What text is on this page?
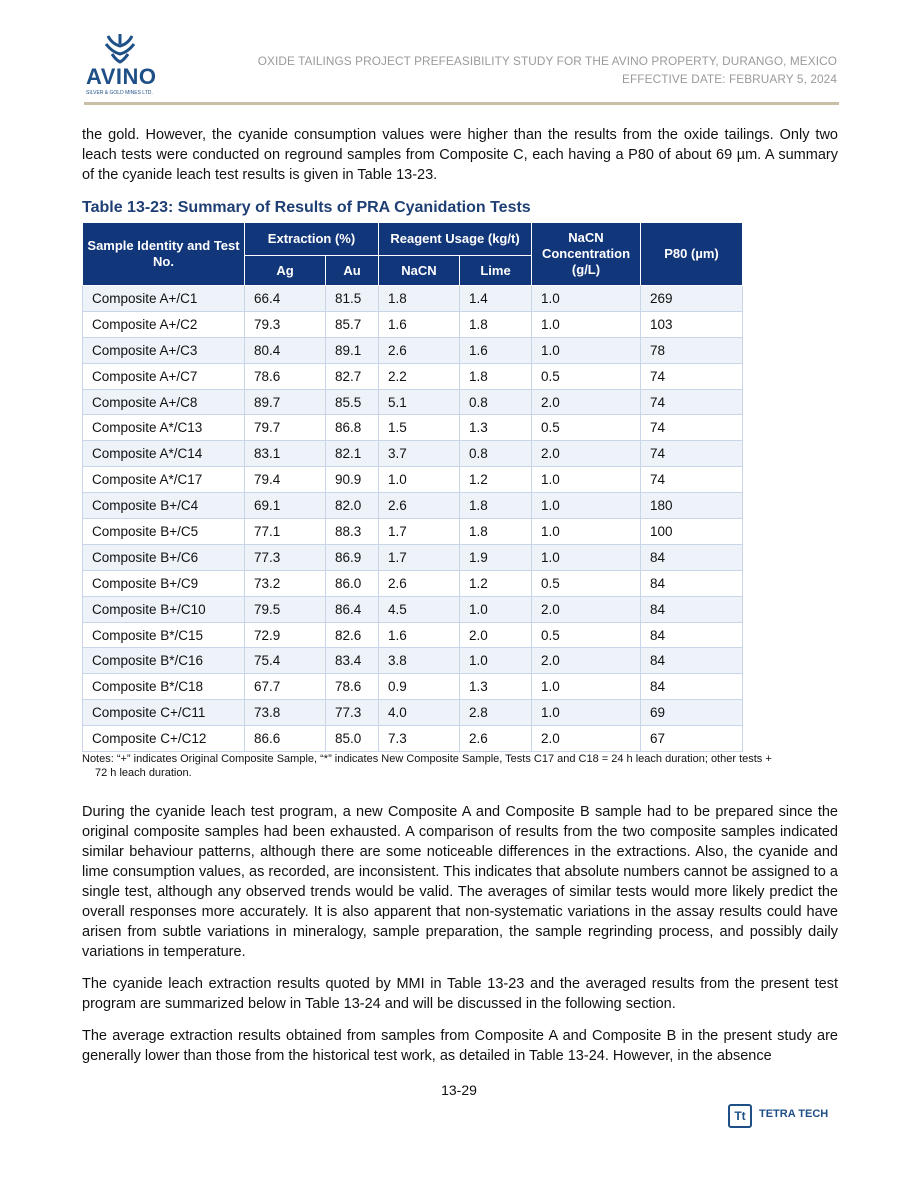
AVINO
SILVER & GOLD MINES LTD.
OXIDE TAILINGS PROJECT PREFEASIBILITY STUDY FOR THE AVINO PROPERTY, DURANGO, MEXICO
EFFECTIVE DATE: FEBRUARY 5, 2024

the gold. However, the cyanide consumption values were higher than the results from the oxide tailings. Only two leach tests were conducted on reground samples from Composite C, each having a P80 of about 69 µm. A summary of the cyanide leach test results is given in Table 13-23.

Table 13-23: Summary of Results of PRA Cyanidation Tests
Sample Identity and Test No.	Extraction (%)		Reagent Usage (kg/t)		NaCN Concentration (g/L)	P80 (µm)
	Ag	Au	NaCN	Lime		
Composite A+/C1	66.4	81.5	1.8	1.4	1.0	269
Composite A+/C2	79.3	85.7	1.6	1.8	1.0	103
Composite A+/C3	80.4	89.1	2.6	1.6	1.0	78
Composite A+/C7	78.6	82.7	2.2	1.8	0.5	74
Composite A+/C8	89.7	85.5	5.1	0.8	2.0	74
Composite A*/C13	79.7	86.8	1.5	1.3	0.5	74
Composite A*/C14	83.1	82.1	3.7	0.8	2.0	74
Composite A*/C17	79.4	90.9	1.0	1.2	1.0	74
Composite B+/C4	69.1	82.0	2.6	1.8	1.0	180
Composite B+/C5	77.1	88.3	1.7	1.8	1.0	100
Composite B+/C6	77.3	86.9	1.7	1.9	1.0	84
Composite B+/C9	73.2	86.0	2.6	1.2	0.5	84
Composite B+/C10	79.5	86.4	4.5	1.0	2.0	84
Composite B*/C15	72.9	82.6	1.6	2.0	0.5	84
Composite B*/C16	75.4	83.4	3.8	1.0	2.0	84
Composite B*/C18	67.7	78.6	0.9	1.3	1.0	84
Composite C+/C11	73.8	77.3	4.0	2.8	1.0	69
Composite C+/C12	86.6	85.0	7.3	2.6	2.0	67
Notes: “+” indicates Original Composite Sample, “*” indicates New Composite Sample, Tests C17 and C18 = 24 h leach duration; other tests +
72 h leach duration.

During the cyanide leach test program, a new Composite A and Composite B sample had to be prepared since the original composite samples had been exhausted. A comparison of results from the two composite samples indicated similar behaviour patterns, although there are some noticeable differences in the extractions. Also, the cyanide and lime consumption values, as recorded, are inconsistent. This indicates that absolute numbers cannot be assigned to a single test, although any observed trends would be valid. The averages of similar tests would more likely predict the overall responses more accurately. It is also apparent that non-systematic variations in the assay results could have arisen from subtle variations in mineralogy, sample preparation, the sample regrinding process, and possibly daily variations in temperature.

The cyanide leach extraction results quoted by MMI in Table 13-23 and the averaged results from the present test program are summarized below in Table 13-24 and will be discussed in the following section.

The average extraction results obtained from samples from Composite A and Composite B in the present study are generally lower than those from the historical test work, as detailed in Table 13-24. However, in the absence

13-29
Tt	TETRA TECH
